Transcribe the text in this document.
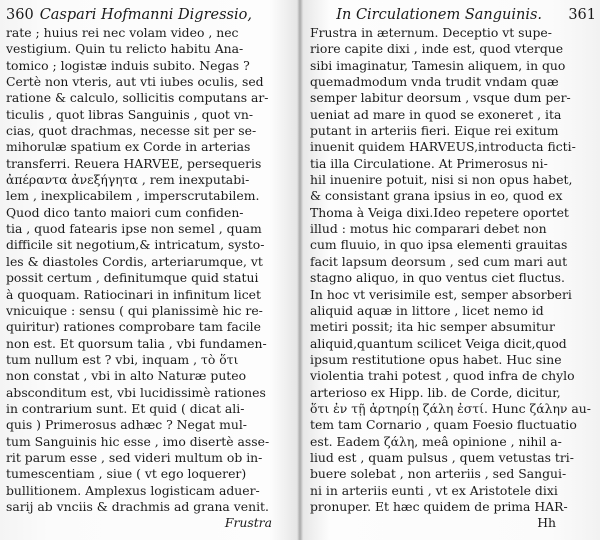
360 Caspari Hofmanni Digressio,
rate ; huius rei nec volam video , nec
vestigium. Quin tu relicto habitu Ana-
tomico ; logistæ induis subito. Negas ?
Certè non vteris, aut vti iubes oculis, sed
ratione & calculo, sollicitis computans ar-
ticulis , quot libras Sanguinis , quot vn-
cias, quot drachmas, necesse sit per se-
mihorulæ spatium ex Corde in arterias
transferri. Reuera HARVEE, persequeris
ἀπέραντα ἀνεξήγητα , rem inexputabi-
lem , inexplicabilem , imperscrutabilem.
Quod dico tanto maiori cum confiden-
tia , quod fatearis ipse non semel , quam
difficile sit negotium,& intricatum, systo-
les & diastoles Cordis, arteriarumque, vt
possit certum , definitumque quid statui
à quoquam. Ratiocinari in infinitum licet
vnicuique : sensu ( qui planissimè hic re-
quiritur) rationes comprobare tam facile
non est. Et quorsum talia , vbi fundamen-
tum nullum est ? vbi, inquam , τὸ ὅτι
non constat , vbi in alto Naturæ puteo
absconditum est, vbi lucidissimè rationes
in contrarium sunt. Et quid ( dicat ali-
quis ) Primerosus adhæc ? Negat mul-
tum Sanguinis hic esse , imo disertè asse-
rit parum esse , sed videri multum ob in-
tumescentiam , siue ( vt ego loquerer)
bullitionem. Amplexus logisticam aduer-
sarij ab vnciis & drachmis ad grana venit.
Frustra
In Circulationem Sanguinis.	361
Frustra in æternum. Deceptio vt supe-
riore capite dixi , inde est, quod vterque
sibi imaginatur, Tamesin aliquem, in quo
quemadmodum vnda trudit vndam quæ
semper labitur deorsum , vsque dum per-
ueniat ad mare in quod se exoneret , ita
putant in arteriis fieri. Eique rei exitum
inuenit quidem HARVEUS,introducta ficti-
tia illa Circulatione. At Primerosus ni-
hil inuenire potuit, nisi si non opus habet,
& consistant grana ipsius in eo, quod ex
Thoma à Veiga dixi.Ideo repetere oportet
illud : motus hic comparari debet non
cum fluuio, in quo ipsa elementi grauitas
facit lapsum deorsum , sed cum mari aut
stagno aliquo, in quo ventus ciet fluctus.
In hoc vt verisimile est, semper absorberi
aliquid aquæ in littore , licet nemo id
metiri possit; ita hic semper absumitur
aliquid,quantum scilicet Veiga dicit,quod
ipsum restitutione opus habet. Huc sine
violentia trahi potest , quod infra de chylo
arterioso ex Hipp. lib. de Corde, dicitur,
ὅτι ἐν τῇ ἀρτηρίῃ ζάλη ἐστί. Hunc ζάλην au-
tem tam Cornario , quam Foesio fluctuatio
est. Eadem ζάλη, meâ opinione , nihil a-
liud est , quam pulsus , quem vetustas tri-
buere solebat , non arteriis , sed Sangui-
ni in arteriis eunti , vt ex Aristotele dixi
pronuper. Et hæc quidem de prima HAR-
Hh
